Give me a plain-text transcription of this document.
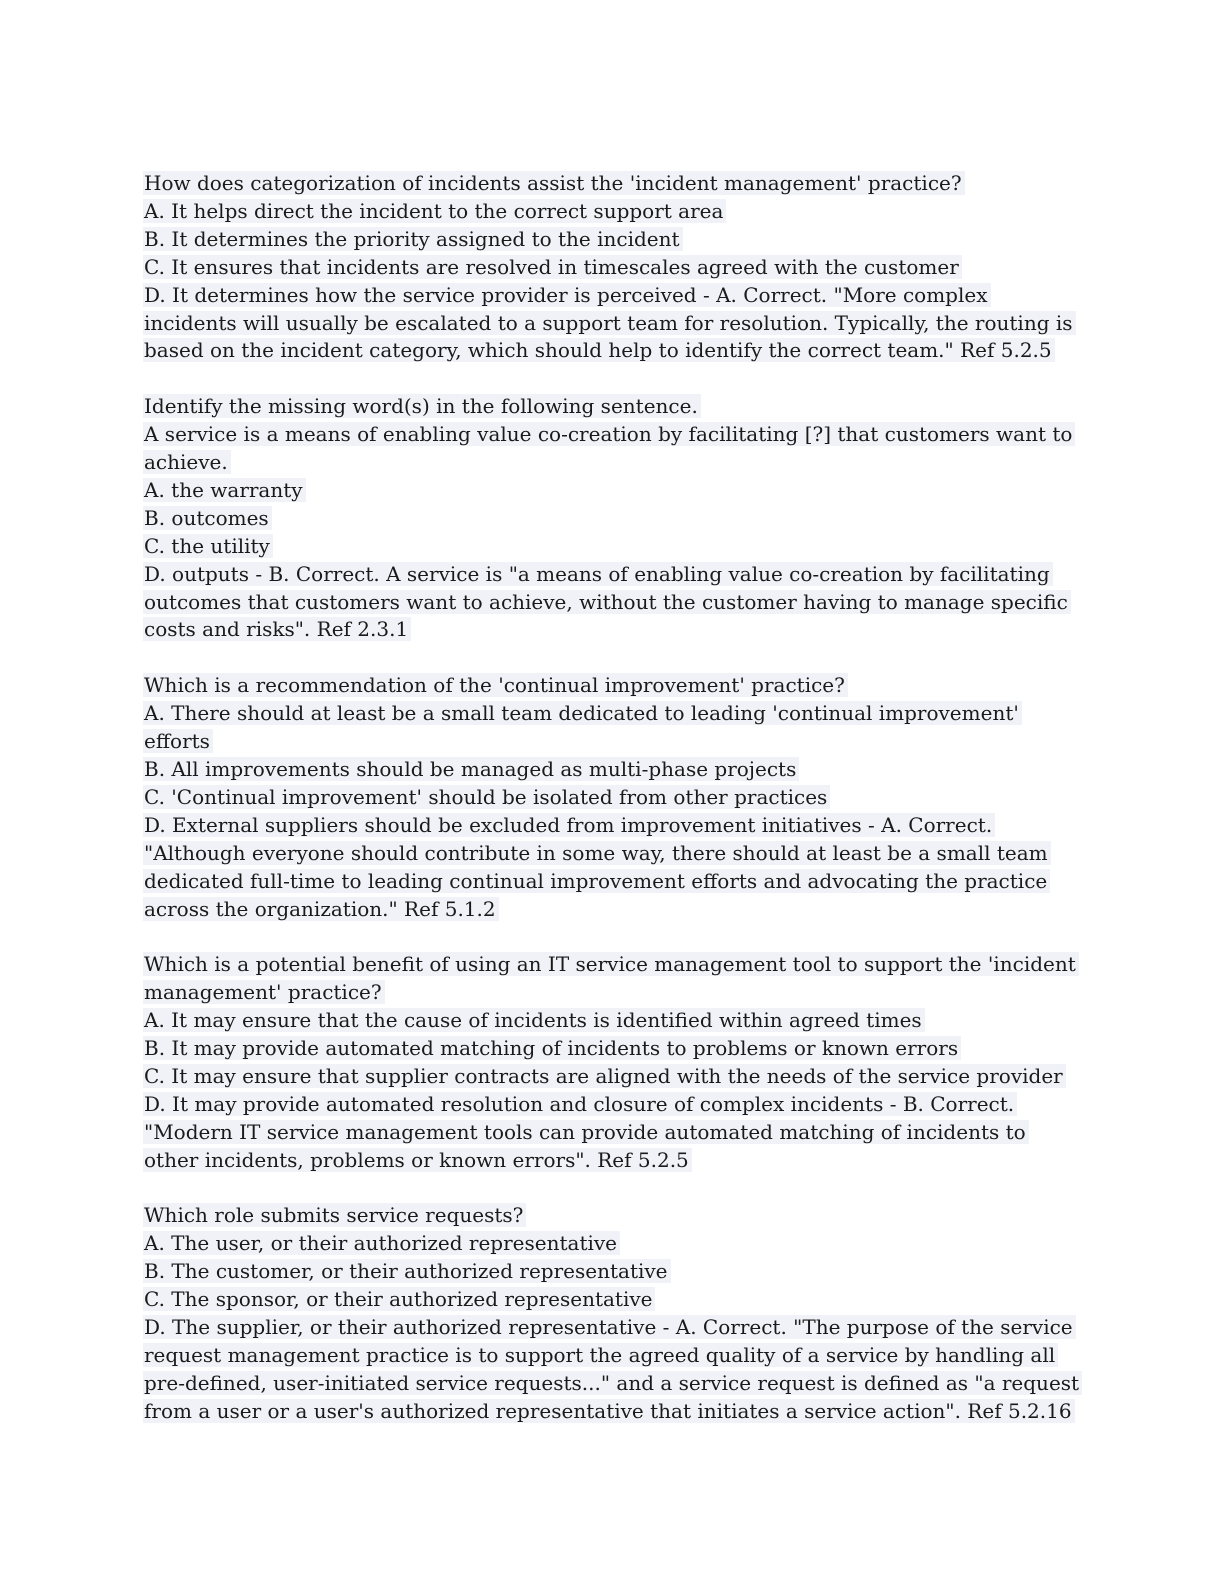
How does categorization of incidents assist the 'incident management' practice?
A. It helps direct the incident to the correct support area
B. It determines the priority assigned to the incident
C. It ensures that incidents are resolved in timescales agreed with the customer
D. It determines how the service provider is perceived - A. Correct. "More complex
incidents will usually be escalated to a support team for resolution. Typically, the routing is
based on the incident category, which should help to identify the correct team." Ref 5.2.5
Identify the missing word(s) in the following sentence.
A service is a means of enabling value co-creation by facilitating [?] that customers want to
achieve.
A. the warranty
B. outcomes
C. the utility
D. outputs - B. Correct. A service is "a means of enabling value co-creation by facilitating
outcomes that customers want to achieve, without the customer having to manage specific
costs and risks". Ref 2.3.1
Which is a recommendation of the 'continual improvement' practice?
A. There should at least be a small team dedicated to leading 'continual improvement'
efforts
B. All improvements should be managed as multi-phase projects
C. 'Continual improvement' should be isolated from other practices
D. External suppliers should be excluded from improvement initiatives - A. Correct.
"Although everyone should contribute in some way, there should at least be a small team
dedicated full-time to leading continual improvement efforts and advocating the practice
across the organization." Ref 5.1.2
Which is a potential benefit of using an IT service management tool to support the 'incident
management' practice?
A. It may ensure that the cause of incidents is identified within agreed times
B. It may provide automated matching of incidents to problems or known errors
C. It may ensure that supplier contracts are aligned with the needs of the service provider
D. It may provide automated resolution and closure of complex incidents - B. Correct.
"Modern IT service management tools can provide automated matching of incidents to
other incidents, problems or known errors". Ref 5.2.5
Which role submits service requests?
A. The user, or their authorized representative
B. The customer, or their authorized representative
C. The sponsor, or their authorized representative
D. The supplier, or their authorized representative - A. Correct. "The purpose of the service
request management practice is to support the agreed quality of a service by handling all
pre-defined, user-initiated service requests..." and a service request is defined as "a request
from a user or a user's authorized representative that initiates a service action". Ref 5.2.16
